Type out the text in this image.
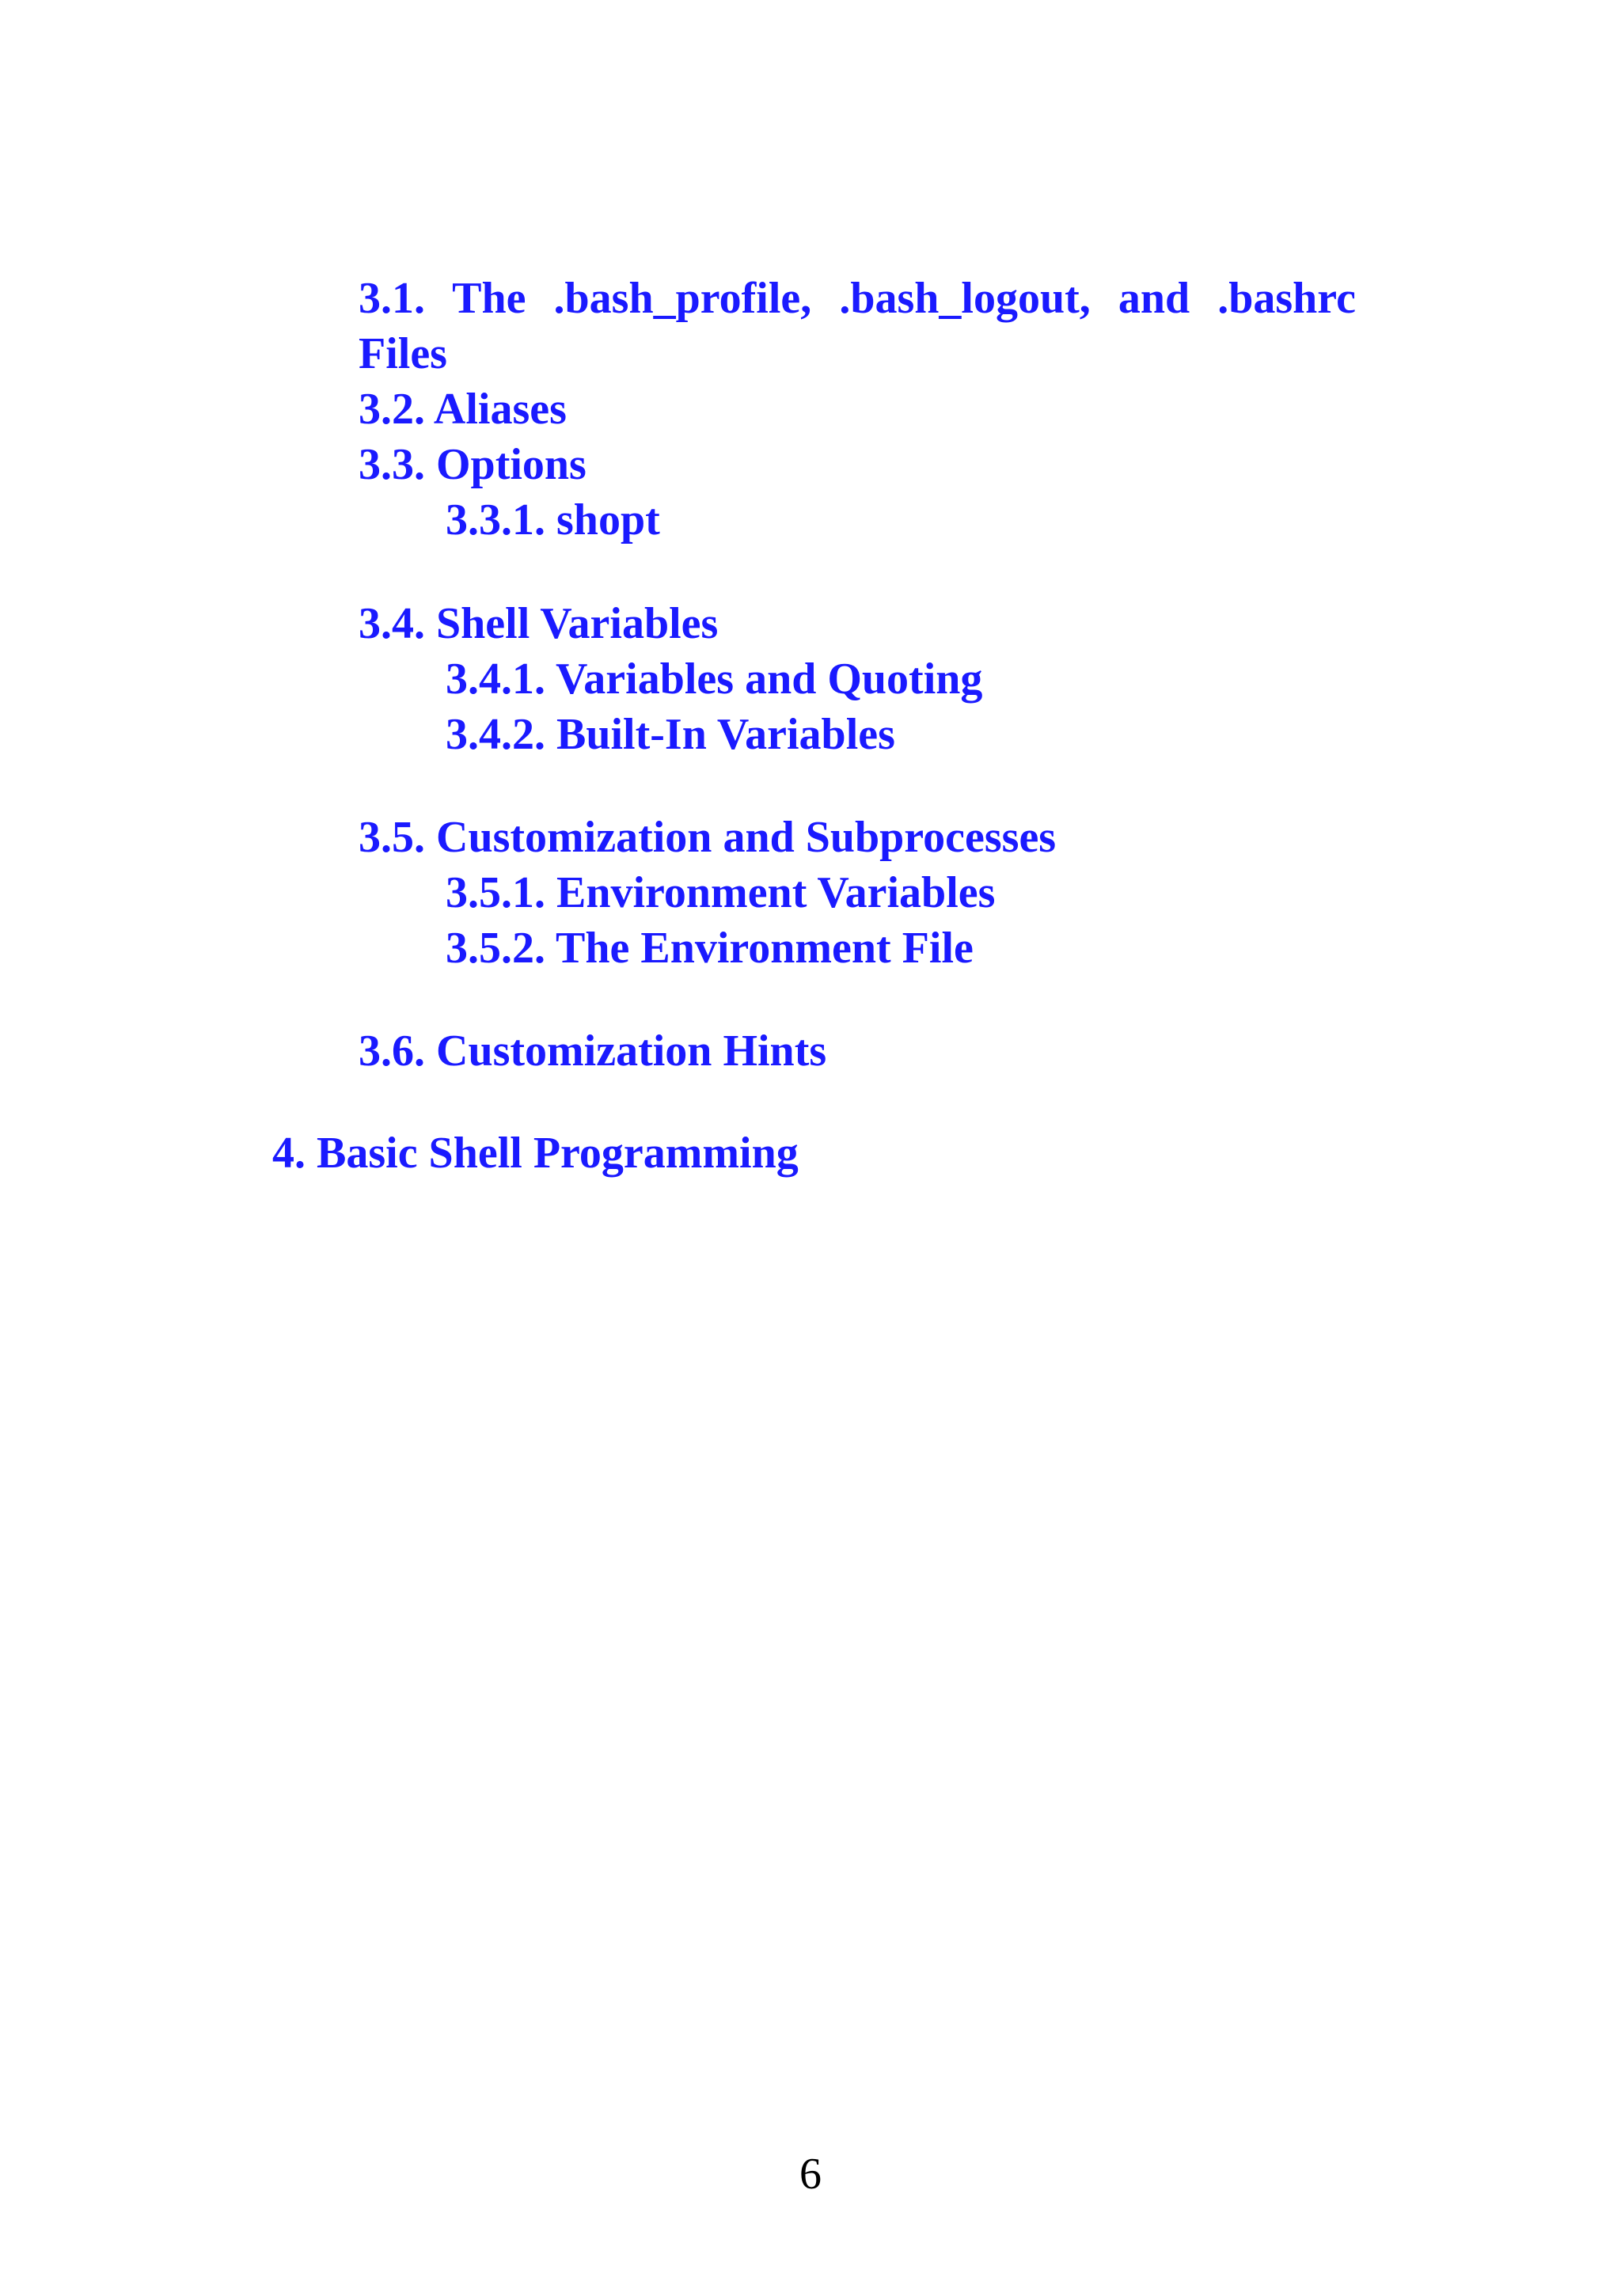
3.1. The .bash_profile, .bash_logout, and .bashrc Files

3.2. Aliases

3.3. Options

3.3.1. shopt

3.4. Shell Variables

3.4.1. Variables and Quoting

3.4.2. Built-In Variables

3.5. Customization and Subprocesses

3.5.1. Environment Variables

3.5.2. The Environment File

3.6. Customization Hints

4. Basic Shell Programming

6
